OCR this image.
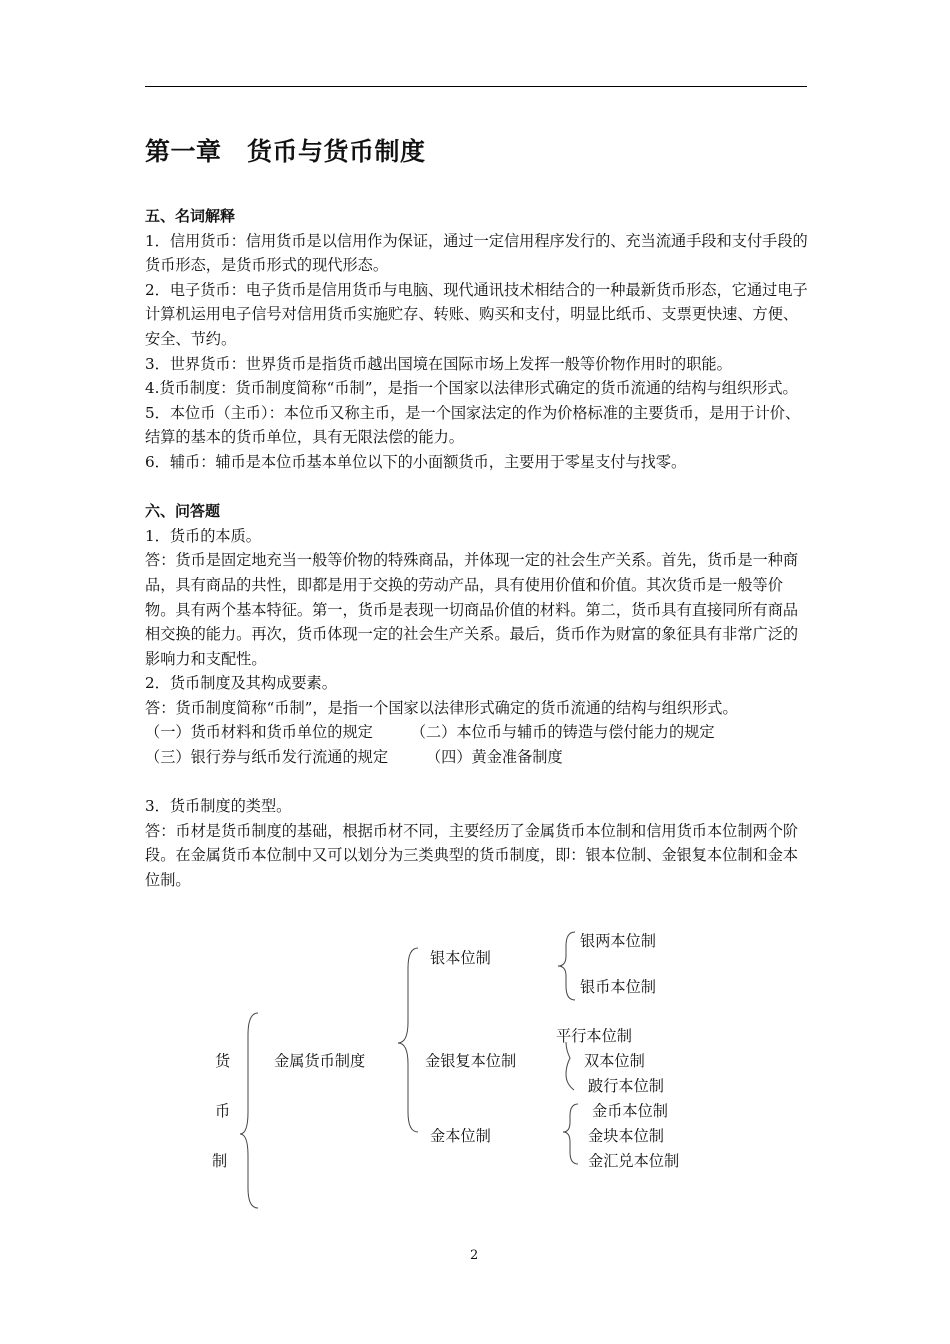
第一章　货币与货币制度

五、名词解释

1．信用货币：信用货币是以信用作为保证，通过一定信用程序发行的、充当流通手段和支付手段的货币形态，是货币形式的现代形态。

2．电子货币：电子货币是信用货币与电脑、现代通讯技术相结合的一种最新货币形态，它通过电子计算机运用电子信号对信用货币实施贮存、转账、购买和支付，明显比纸币、支票更快速、方便、安全、节约。

3．世界货币：世界货币是指货币越出国境在国际市场上发挥一般等价物作用时的职能。

4.货币制度：货币制度简称“币制”，是指一个国家以法律形式确定的货币流通的结构与组织形式。

5．本位币（主币）：本位币又称主币，是一个国家法定的作为价格标准的主要货币，是用于计价、结算的基本的货币单位，具有无限法偿的能力。

6．辅币：辅币是本位币基本单位以下的小面额货币，主要用于零星支付与找零。

六、问答题

1．货币的本质。

答：货币是固定地充当一般等价物的特殊商品，并体现一定的社会生产关系。首先，货币是一种商品，具有商品的共性，即都是用于交换的劳动产品，具有使用价值和价值。其次货币是一般等价物。具有两个基本特征。第一，货币是表现一切商品价值的材料。第二，货币具有直接同所有商品相交换的能力。再次，货币体现一定的社会生产关系。最后，货币作为财富的象征具有非常广泛的影响力和支配性。

2．货币制度及其构成要素。

答：货币制度简称“币制”，是指一个国家以法律形式确定的货币流通的结构与组织形式。

（一）货币材料和货币单位的规定　　　（二）本位币与辅币的铸造与偿付能力的规定

（三）银行券与纸币发行流通的规定　　　（四）黄金准备制度

3．货币制度的类型。

答：币材是货币制度的基础，根据币材不同，主要经历了金属货币本位制和信用货币本位制两个阶段。在金属货币本位制中又可以划分为三类典型的货币制度，即：银本位制、金银复本位制和金本位制。

货
币
制
金属货币制度
银本位制
金银复本位制
金本位制
银两本位制
银币本位制
平行本位制
双本位制
跛行本位制
金币本位制
金块本位制
金汇兑本位制
2
